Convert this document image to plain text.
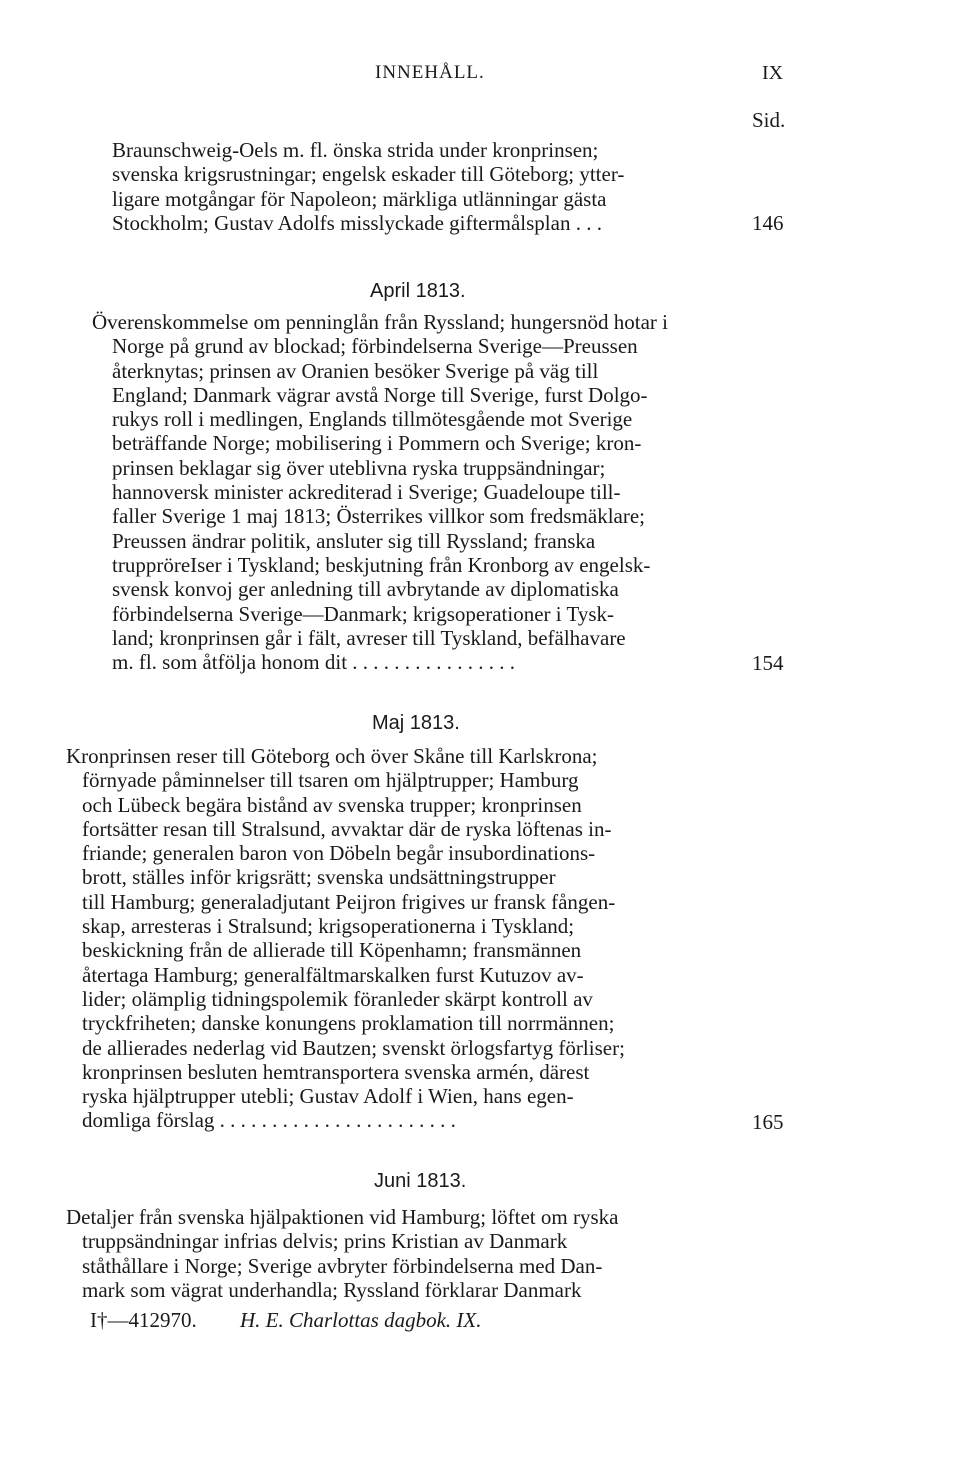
INNEHÅLL.	IX
Sid.
Braunschweig-Oels m. fl. önska strida under kronprinsen;
svenska krigsrustningar; engelsk eskader till Göteborg; ytter-
ligare motgångar för Napoleon; märkliga utlänningar gästa
Stockholm; Gustav Adolfs misslyckade giftermålsplan . . .	146
April 1813.
Överenskommelse om penninglån från Ryssland; hungersnöd hotar i
Norge på grund av blockad; förbindelserna Sverige—Preussen
återknytas; prinsen av Oranien besöker Sverige på väg till
England; Danmark vägrar avstå Norge till Sverige, furst Dolgo-
rukys roll i medlingen, Englands tillmötesgående mot Sverige
beträffande Norge; mobilisering i Pommern och Sverige; kron-
prinsen beklagar sig över uteblivna ryska truppsändningar;
hannoversk minister ackrediterad i Sverige; Guadeloupe till-
faller Sverige 1 maj 1813; Österrikes villkor som fredsmäklare;
Preussen ändrar politik, ansluter sig till Ryssland; franska
truppröreIser i Tyskland; beskjutning från Kronborg av engelsk-
svensk konvoj ger anledning till avbrytande av diplomatiska
förbindelserna Sverige—Danmark; krigsoperationer i Tysk-
land; kronprinsen går i fält, avreser till Tyskland, befälhavare
m. fl. som åtfölja honom dit . . . . . . . . . . . . . . . .	154
Maj 1813.
Kronprinsen reser till Göteborg och över Skåne till Karlskrona;
förnyade påminnelser till tsaren om hjälptrupper; Hamburg
och Lübeck begära bistånd av svenska trupper; kronprinsen
fortsätter resan till Stralsund, avvaktar där de ryska löftenas in-
friande; generalen baron von Döbeln begår insubordinations-
brott, ställes inför krigsrätt; svenska undsättningstrupper
till Hamburg; generaladjutant Peijron frigives ur fransk fången-
skap, arresteras i Stralsund; krigsoperationerna i Tyskland;
beskickning från de allierade till Köpenhamn; fransmännen
återtaga Hamburg; generalfältmarskalken furst Kutuzov av-
lider; olämplig tidningspolemik föranleder skärpt kontroll av
tryckfriheten; danske konungens proklamation till norrmännen;
de allierades nederlag vid Bautzen; svenskt örlogsfartyg förliser;
kronprinsen besluten hemtransportera svenska armén, därest
ryska hjälptrupper utebli; Gustav Adolf i Wien, hans egen-
domliga förslag . . . . . . . . . . . . . . . . . . . . . . .	165
Juni 1813.
Detaljer från svenska hjälpaktionen vid Hamburg; löftet om ryska
truppsändningar infrias delvis; prins Kristian av Danmark
ståthållare i Norge; Sverige avbryter förbindelserna med Dan-
mark som vägrat underhandla; Ryssland förklarar Danmark
I†—412970. H. E. Charlottas dagbok. IX.
